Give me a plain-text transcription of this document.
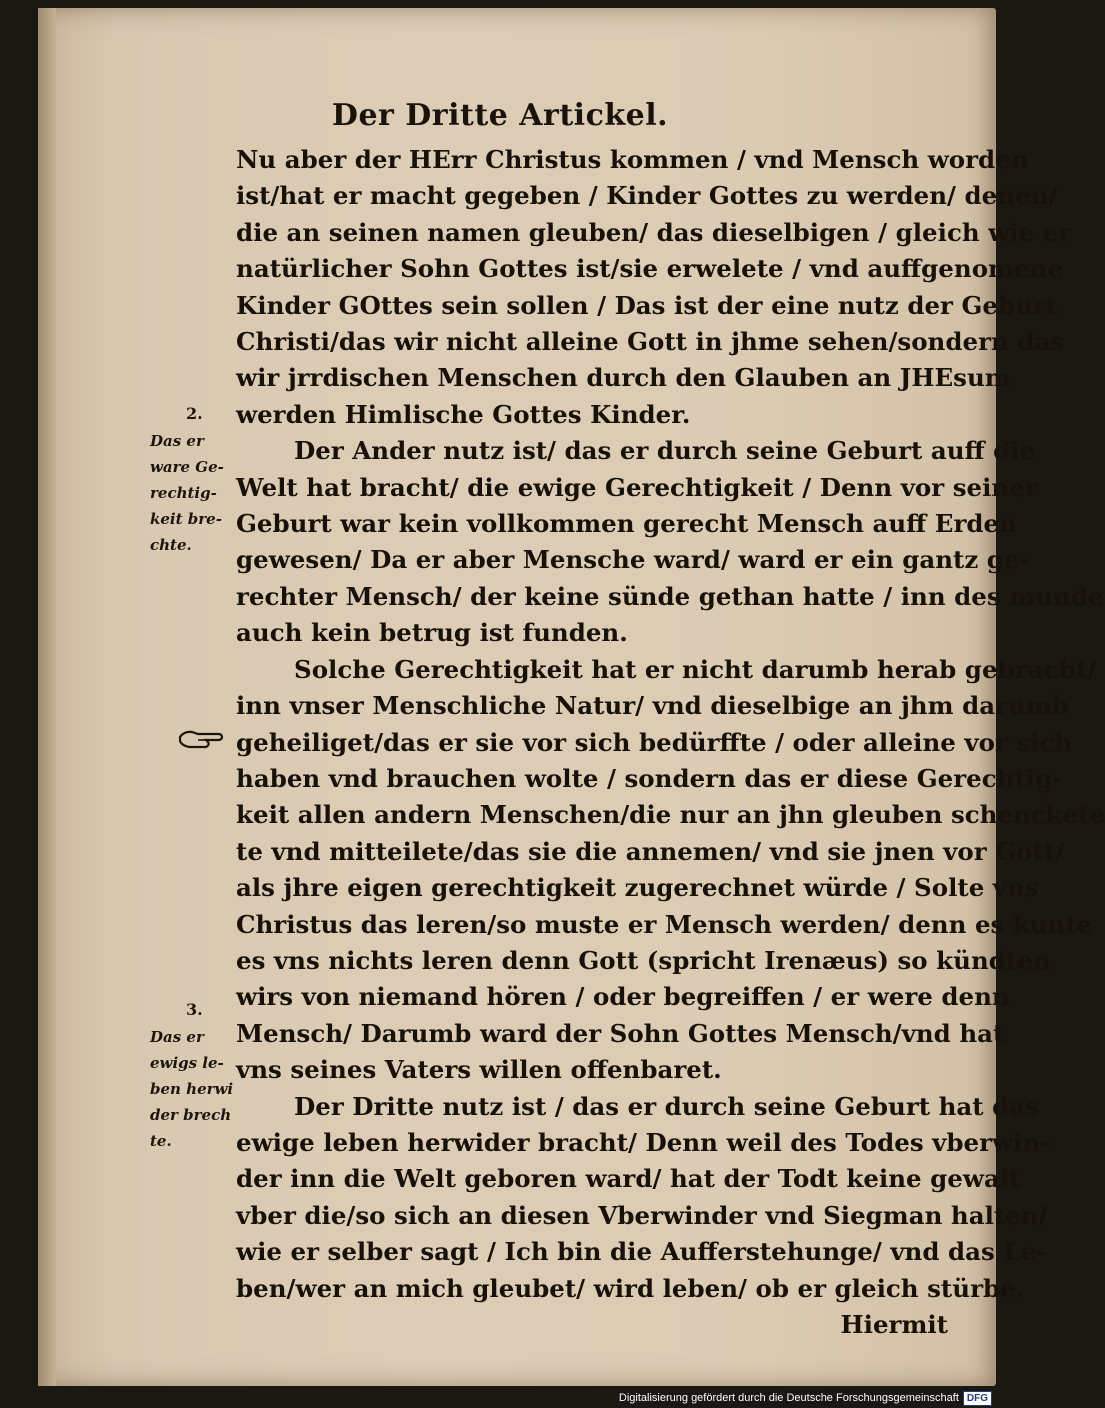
Der Dritte Artickel.
Nu aber der HErr Christus kommen / vnd Mensch worden
ist/hat er macht gegeben / Kinder Gottes zu werden/ denen/
die an seinen namen gleuben/ das dieselbigen / gleich wie er
natürlicher Sohn Gottes ist/sie erwelete / vnd auffgenomene
Kinder GOttes sein sollen / Das ist der eine nutz der Geburt
Christi/das wir nicht alleine Gott in jhme sehen/sondern das
wir jrrdischen Menschen durch den Glauben an JHEsum
werden Himlische Gottes Kinder.
Der Ander nutz ist/ das er durch seine Geburt auff die
Welt hat bracht/ die ewige Gerechtigkeit / Denn vor seiner
Geburt war kein vollkommen gerecht Mensch auff Erden
gewesen/ Da er aber Mensche ward/ ward er ein gantz ge-
rechter Mensch/ der keine sünde gethan hatte / inn des munde
auch kein betrug ist funden.
Solche Gerechtigkeit hat er nicht darumb herab gebracht/
inn vnser Menschliche Natur/ vnd dieselbige an jhm darumb
geheiliget/das er sie vor sich bedürffte / oder alleine vor sich
haben vnd brauchen wolte / sondern das er diese Gerechtig-
keit allen andern Menschen/die nur an jhn gleuben schenckete
te vnd mitteilete/das sie die annemen/ vnd sie jnen vor Gott/
als jhre eigen gerechtigkeit zugerechnet würde / Solte vns
Christus das leren/so muste er Mensch werden/ denn es kunte
es vns nichts leren denn Gott (spricht Irenæus) so kündten
wirs von niemand hören / oder begreiffen / er were denn
Mensch/ Darumb ward der Sohn Gottes Mensch/vnd hat
vns seines Vaters willen offenbaret.
Der Dritte nutz ist / das er durch seine Geburt hat das
ewige leben herwider bracht/ Denn weil des Todes vberwin-
der inn die Welt geboren ward/ hat der Todt keine gewalt
vber die/so sich an diesen Vberwinder vnd Siegman halten/
wie er selber sagt / Ich bin die Aufferstehunge/ vnd das Le-
ben/wer an mich gleubet/ wird leben/ ob er gleich stürbe.
Hiermit
2.
Das er
ware Ge-
rechtig-
keit bre-
chte.
3.
Das er
ewigs le-
ben herwi
der brech
te.
Digitalisierung gefördert durch die Deutsche Forschungsgemeinschaft DFG
